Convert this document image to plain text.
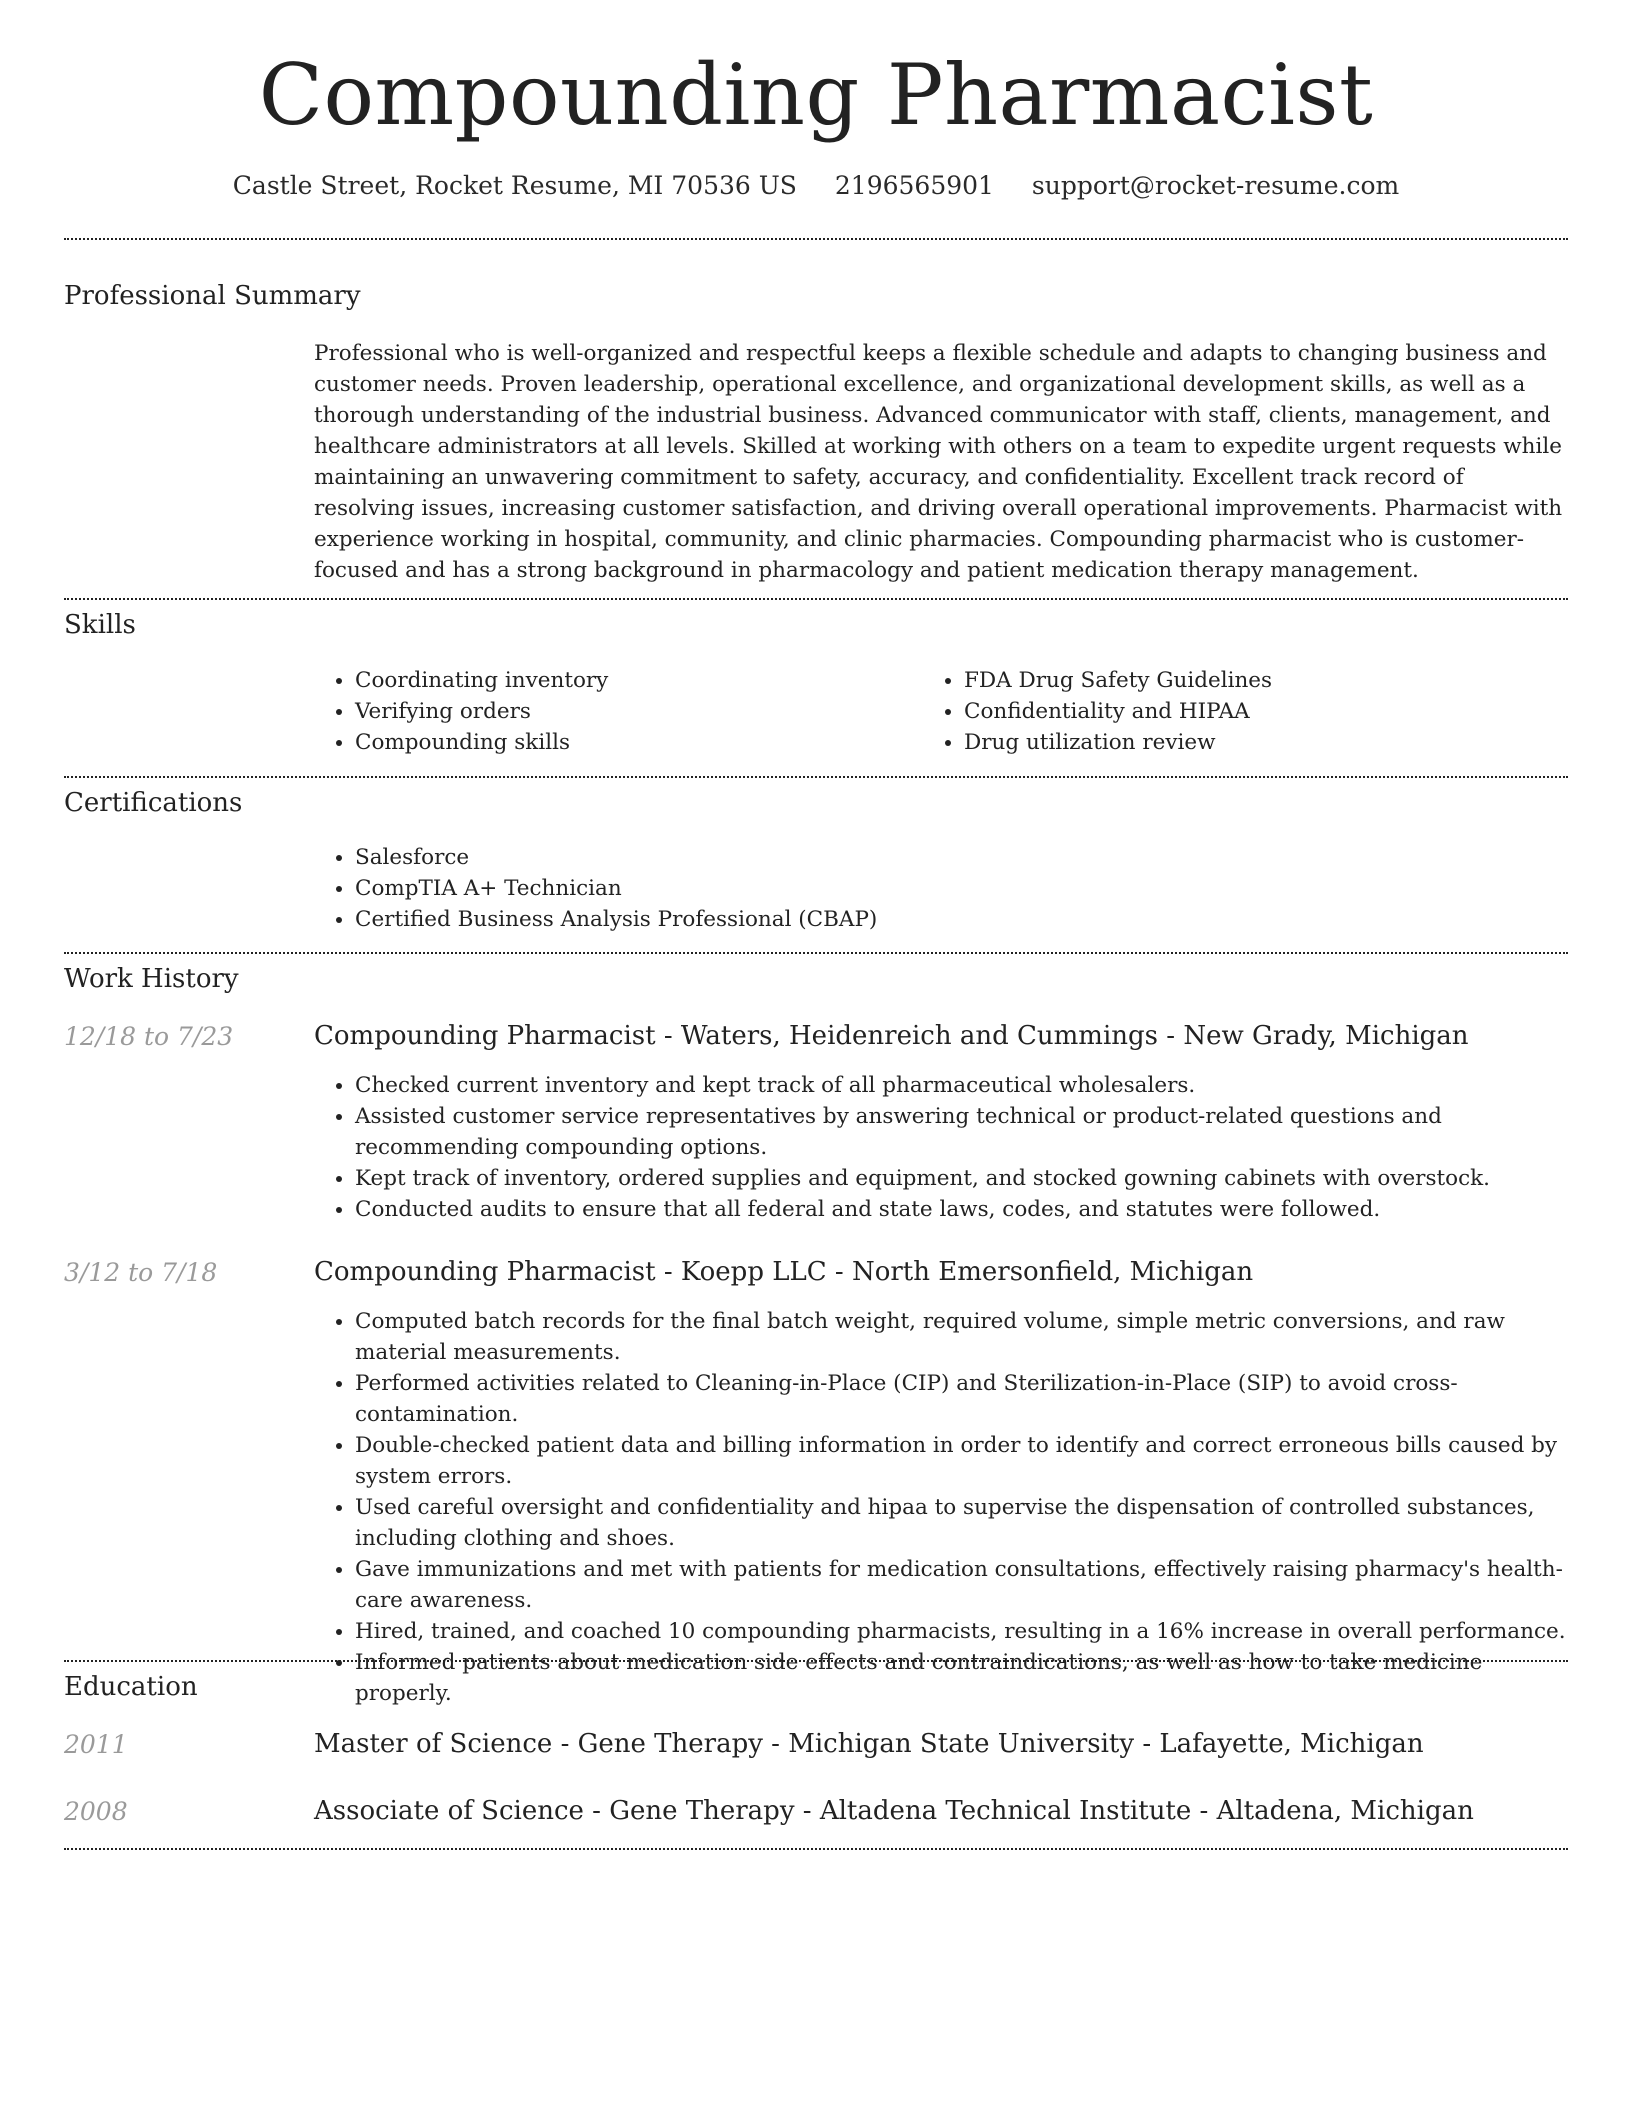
Compounding Pharmacist
Castle Street, Rocket Resume, MI 70536 US 2196565901 support@rocket-resume.com
Professional Summary

Professional who is well-organized and respectful keeps a flexible schedule and adapts to changing business and customer needs. Proven leadership, operational excellence, and organizational development skills, as well as a thorough understanding of the industrial business. Advanced communicator with staff, clients, management, and healthcare administrators at all levels. Skilled at working with others on a team to expedite urgent requests while maintaining an unwavering commitment to safety, accuracy, and confidentiality. Excellent track record of resolving issues, increasing customer satisfaction, and driving overall operational improvements. Pharmacist with experience working in hospital, community, and clinic pharmacies. Compounding pharmacist who is customer-focused and has a strong background in pharmacology and patient medication therapy management.

Skills
• Coordinating inventory
• Verifying orders
• Compounding skills
• FDA Drug Safety Guidelines
• Confidentiality and HIPAA
• Drug utilization review
Certifications
• Salesforce
• CompTIA A+ Technician
• Certified Business Analysis Professional (CBAP)
Work History
12/18 to 7/23	Compounding Pharmacist - Waters, Heidenreich and Cummings - New Grady, Michigan
• Checked current inventory and kept track of all pharmaceutical wholesalers.
• Assisted customer service representatives by answering technical or product-related questions and recommending compounding options.
• Kept track of inventory, ordered supplies and equipment, and stocked gowning cabinets with overstock.
• Conducted audits to ensure that all federal and state laws, codes, and statutes were followed.
3/12 to 7/18	Compounding Pharmacist - Koepp LLC - North Emersonfield, Michigan
• Computed batch records for the final batch weight, required volume, simple metric conversions, and raw material measurements.
• Performed activities related to Cleaning-in-Place (CIP) and Sterilization-in-Place (SIP) to avoid cross-contamination.
• Double-checked patient data and billing information in order to identify and correct erroneous bills caused by system errors.
• Used careful oversight and confidentiality and hipaa to supervise the dispensation of controlled substances, including clothing and shoes.
• Gave immunizations and met with patients for medication consultations, effectively raising pharmacy's health-care awareness.
• Hired, trained, and coached 10 compounding pharmacists, resulting in a 16% increase in overall performance.
• Informed patients about medication side effects and contraindications, as well as how to take medicine properly.
Education
2011	Master of Science - Gene Therapy - Michigan State University - Lafayette, Michigan
2008	Associate of Science - Gene Therapy - Altadena Technical Institute - Altadena, Michigan
